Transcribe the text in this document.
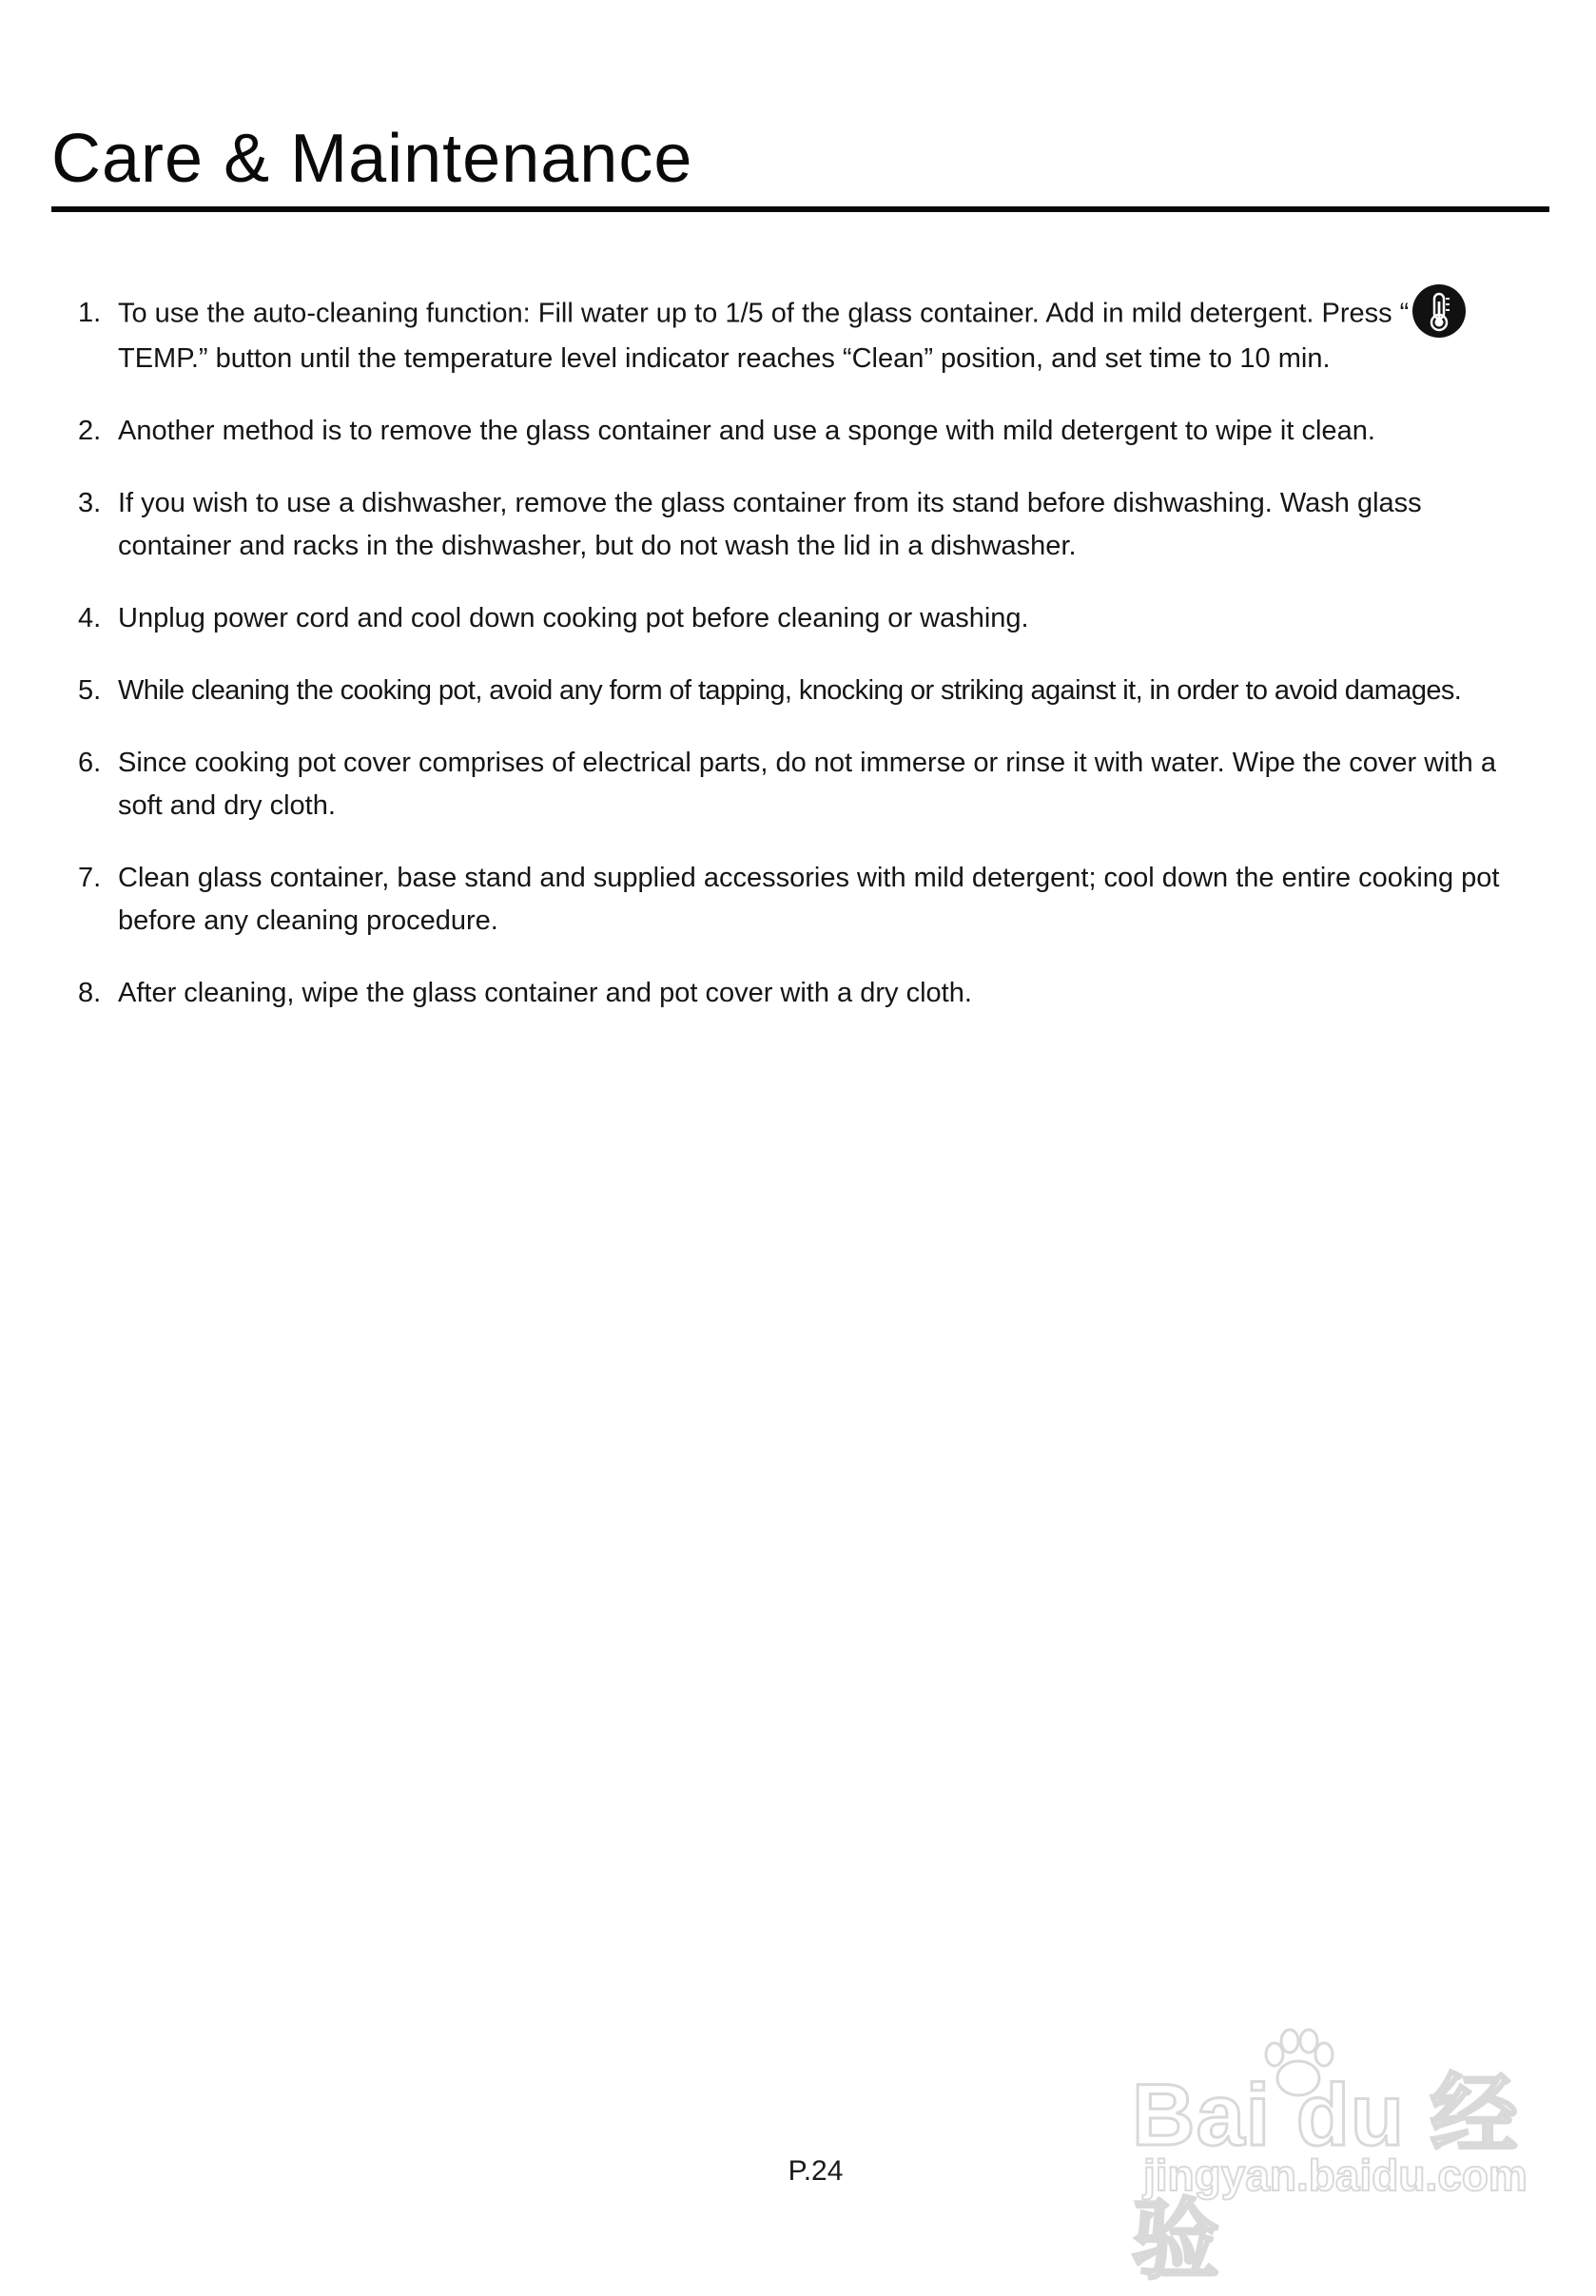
Care & Maintenance
1. To use the auto-cleaning function: Fill water up to 1/5 of the glass container. Add in mild detergent. Press “
TEMP.” button until the temperature level indicator reaches “Clean” position, and set time to 10 min.
2. Another method is to remove the glass container and use a sponge with mild detergent to wipe it clean.
3. If you wish to use a dishwasher, remove the glass container from its stand before dishwashing. Wash glass container and racks in the dishwasher, but do not wash the lid in a dishwasher.
4. Unplug power cord and cool down cooking pot before cleaning or washing.
5. While cleaning the cooking pot, avoid any form of tapping, knocking or striking against it, in order to avoid damages.
6. Since cooking pot cover comprises of electrical parts, do not immerse or rinse it with water. Wipe the cover with a soft and dry cloth.
7. Clean glass container, base stand and supplied accessories with mild detergent; cool down the entire cooking pot before any cleaning procedure.
8. After cleaning, wipe the glass container and pot cover with a dry cloth.
P.24
Bai du 经验
jingyan.baidu.com
